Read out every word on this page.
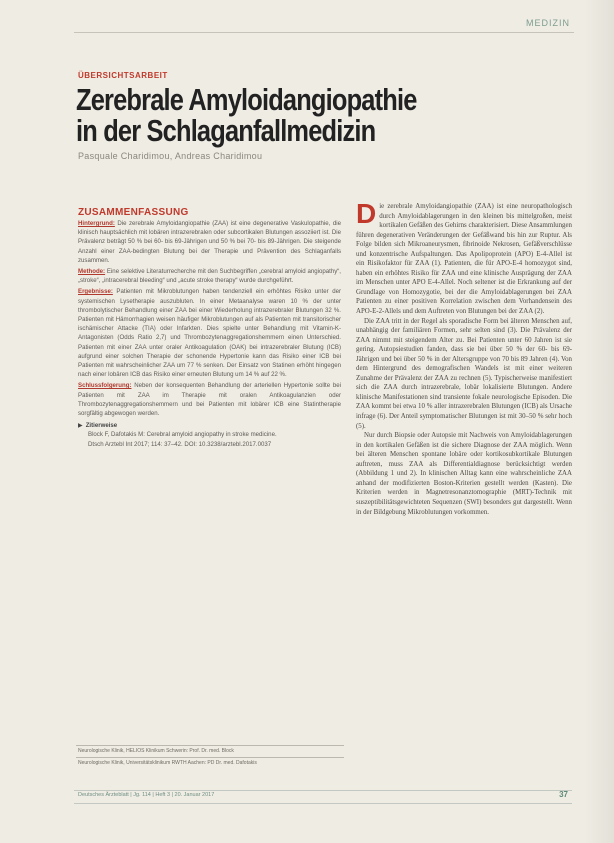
MEDIZIN
ÜBERSICHTSARBEIT
Zerebrale Amyloidangiopathie
in der Schlaganfallmedizin
Pasquale Charidimou, Andreas Charidimou
ZUSAMMENFASSUNG

Hintergrund: Die zerebrale Amyloidangiopathie (ZAA) ist eine degenerative Vaskulopathie, die klinisch hauptsächlich mit lobären intrazerebralen oder subcortikalen Blutungen assoziiert ist. Die Prävalenz beträgt 50 % bei 60- bis 69-Jährigen und 50 % bei 70- bis 89-Jährigen. Die steigende Anzahl einer ZAA-bedingten Blutung bei der Therapie und Prävention des Schlaganfalls zusammen.

Methode: Eine selektive Literaturrecherche mit den Suchbegriffen „cerebral amyloid angiopathy“, „stroke“, „intracerebral bleeding“ und „acute stroke therapy“ wurde durchgeführt.

Ergebnisse: Patienten mit Mikroblutungen haben tendenziell ein erhöhtes Risiko unter der systemischen Lysetherapie auszubluten. In einer Metaanalyse waren 10 % der unter thrombolytischer Behandlung einer ZAA bei einer Wiederholung intrazerebraler Blutungen 32 %. Patienten mit Hämorrhagien weisen häufiger Mikroblutungen auf als Patienten mit transitorischer ischämischer Attacke (TIA) oder Infarkten. Dies spielte unter Behandlung mit Vitamin-K-Antagonisten (Odds Ratio 2,7) und Thrombozytenaggregationshemmern einen Unterschied. Patienten mit einer ZAA unter oraler Antikoagulation (OAK) bei intrazerebraler Blutung (ICB) aufgrund einer solchen Therapie der schonende Hypertonie kann das Risiko einer ICB bei Patienten mit wahrscheinlicher ZAA um 77 % senken. Der Einsatz von Statinen erhöht hingegen nach einer lobären ICB das Risiko einer erneuten Blutung um 14 % auf 22 %.

Schlussfolgerung: Neben der konsequenten Behandlung der arteriellen Hypertonie sollte bei Patienten mit ZAA im Therapie mit oralen Antikoagulanzien oder Thrombozytenaggregationshemmern und bei Patienten mit lobärer ICB eine Statintherapie sorgfältig abgewogen werden.

▶ Zitierweise
Block F, Dafotakis M: Cerebral amyloid angiopathy in stroke medicine.
Dtsch Arztebl Int 2017; 114: 37–42. DOI: 10.3238/arztebl.2017.0037

Die zerebrale Amyloidangiopathie (ZAA) ist eine neuropathologisch durch Amyloidablagerungen in den kleinen bis mittelgroßen, meist kortikalen Gefäßen des Gehirns charakterisiert. Diese Ansammlungen führen degenerativen Veränderungen der Gefäßwand bis hin zur Ruptur. Als Folge bilden sich Mikroaneurysmen, fibrinoide Nekrosen, Gefäßverschlüsse und konzentrische Aufspaltungen. Das Apolipoprotein (APO) E-4-Allel ist ein Risikofaktor für ZAA (1). Patienten, die für APO-E-4 homozygot sind, haben ein erhöhtes Risiko für ZAA und eine klinische Ausprägung der ZAA im Menschen unter APO E-4-Allel. Noch seltener ist die Erkrankung auf der Grundlage von Homozygotie, bei der die Amyloidablagerungen bei ZAA Patienten zu einer positiven Korrelation zwischen dem Vorhandensein des APO-E-2-Allels und dem Auftreten von Blutungen bei der ZAA (2).

Die ZAA tritt in der Regel als sporadische Form bei älteren Menschen auf, unabhängig der familiären Formen, sehr selten sind (3). Die Prävalenz der ZAA nimmt mit steigendem Alter zu. Bei Patienten unter 60 Jahren ist sie gering. Autopsiestudien fanden, dass sie bei über 50 % der 60- bis 69-Jährigen und bei über 50 % in der Altersgruppe von 70 bis 89 Jahren (4). Von dem Hintergrund des demografischen Wandels ist mit einer weiteren Zunahme der Prävalenz der ZAA zu rechnen (5). Typischerweise manifestiert sich die ZAA durch intrazerebrale, lobär lokalisierte Blutungen. Andere klinische Manifestationen sind transiente fokale neurologische Episoden. Die ZAA kommt bei etwa 10 % aller intrazerebralen Blutungen (ICB) als Ursache infrage (6). Der Anteil symptomatischer Blutungen ist mit 30–50 % sehr hoch (5).

Nur durch Biopsie oder Autopsie mit Nachweis von Amyloidablagerungen in den kortikalen Gefäßen ist die sichere Diagnose der ZAA möglich. Wenn bei älteren Menschen spontane lobäre oder kortikosubkortikale Blutungen auftreten, muss ZAA als Differentialdiagnose berücksichtigt werden (Abbildung 1 und 2). In klinischen Alltag kann eine wahrscheinliche ZAA anhand der modifizierten Boston-Kriterien gestellt werden (Kasten). Die Kriterien werden in Magnetresonanztomographie (MRT)-Technik mit suszeptibilitätsgewichteten Sequenzen (SWI) besonders gut dargestellt. Wenn in der Bildgebung Mikroblutungen vorkommen.

Neurologische Klinik, HELIOS Klinikum Schwerin: Prof. Dr. med. Block
Neurologische Klinik, Universitätsklinikum RWTH Aachen: PD Dr. med. Dafotakis
Deutsches Ärzteblatt | Jg. 114 | Heft 3 | 20. Januar 2017	37
